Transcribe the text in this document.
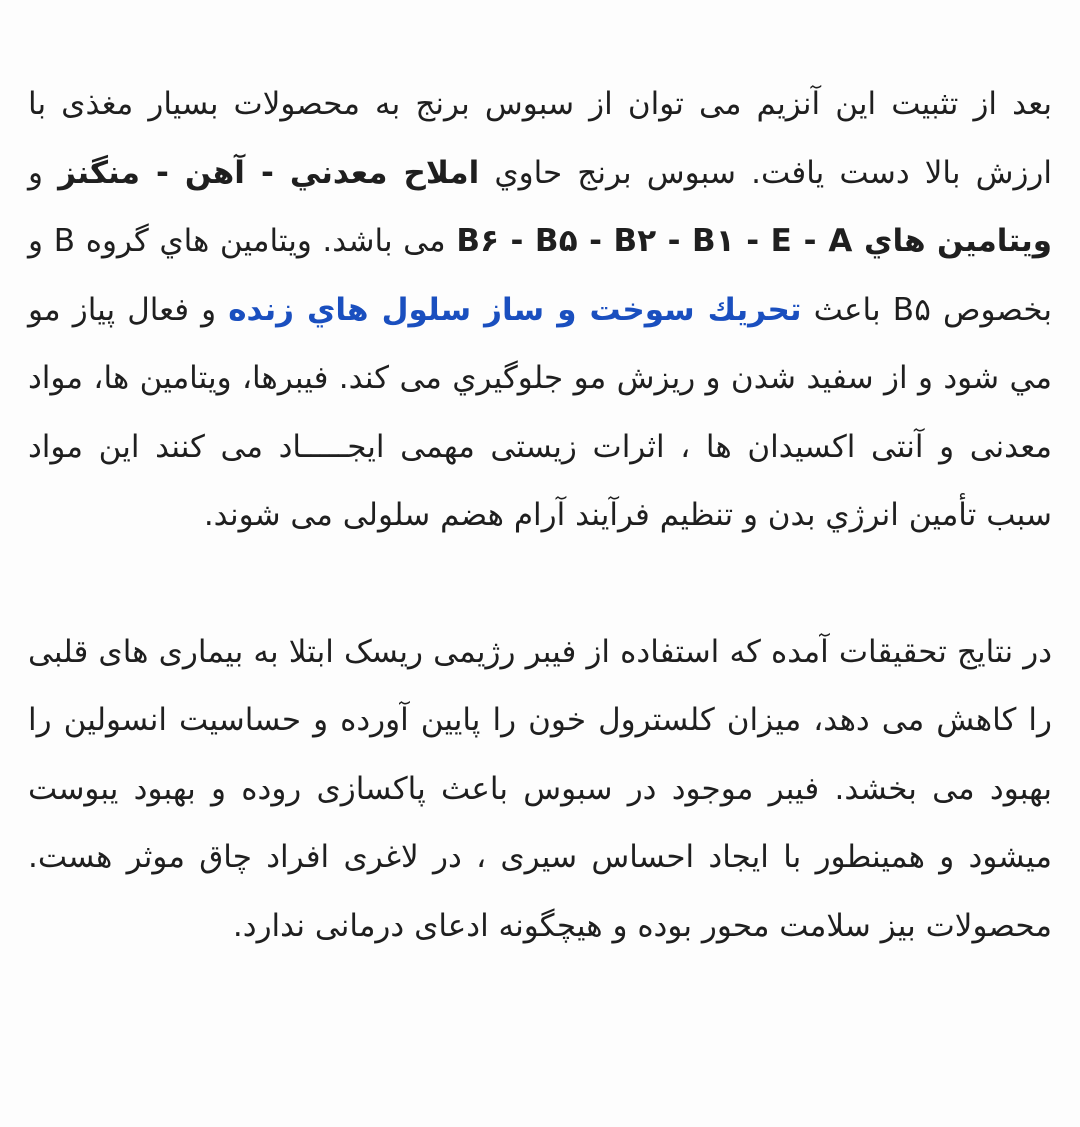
بعد از تثبيت اين آنزيم می توان از سبوس برنج به محصولات بسيار مغذی با ارزش بالا دست يافت. سبوس برنج حاوي املاح معدني - آهن - منگنز و ويتامين هاي B۶ - B۵ - B۲ - B۱ - E - A می باشد. ويتامين هاي گروه B و بخصوص B۵ باعث تحريك سوخت و ساز سلول هاي زنده و فعال پياز مو مي شود و از سفيد شدن و ريزش مو جلوگيري می کند. فيبرها، ويتامين ها، مواد معدنی و آنتی اکسيدان ها ، اثرات زيستی مهمی ايجـــــاد می کنند اين مواد سبب تأمين انرژي بدن و تنظيم فرآيند آرام هضم سلولی می شوند.

در نتايج تحقيقات آمده که استفاده از فيبر رژيمی ريسک ابتلا به بيماری های قلبی را کاهش می دهد، ميزان کلسترول خون را پايين آورده و حساسيت انسولين را بهبود می بخشد. فيبر موجود در سبوس باعث پاکسازی روده و بهبود يبوست ميشود و همينطور با ايجاد احساس سيری ، در لاغری افراد چاق موثر هست. محصولات بيز سلامت محور بوده و هيچگونه ادعای درمانی ندارد.
